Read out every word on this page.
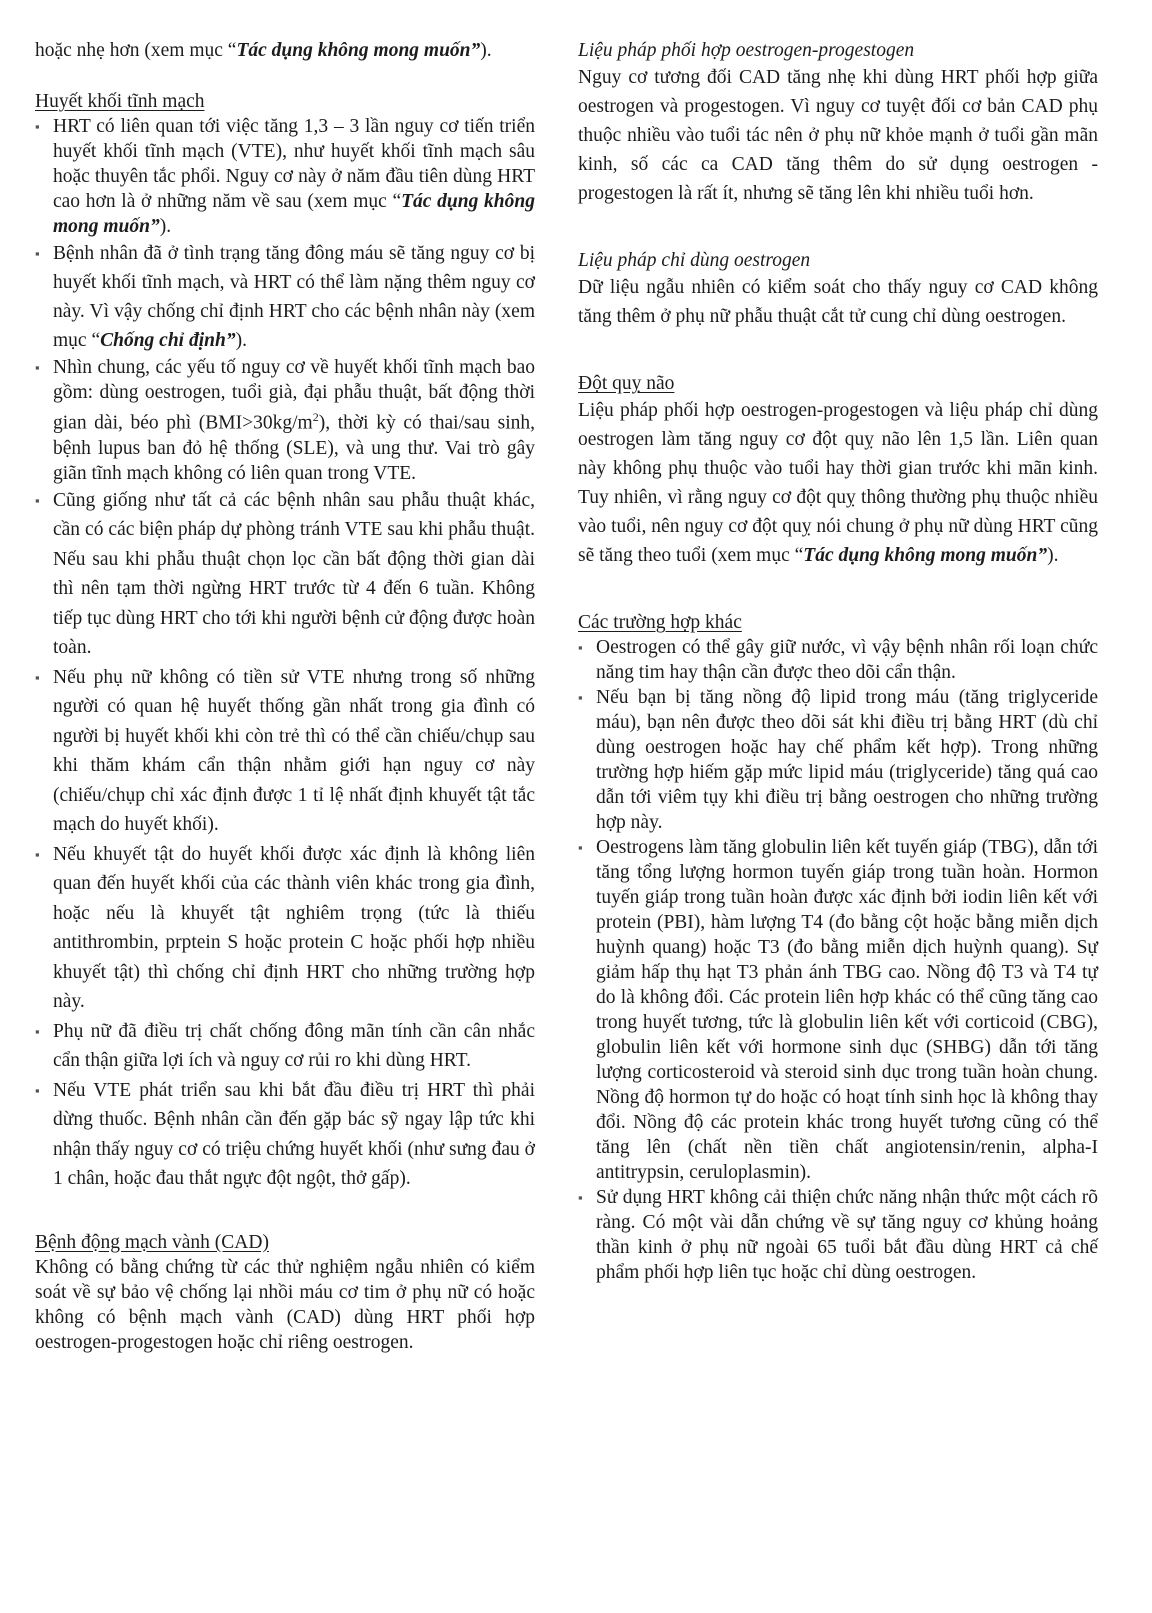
hoặc nhẹ hơn (xem mục “Tác dụng không mong muốn”).

Huyết khối tĩnh mạch

▪ HRT có liên quan tới việc tăng 1,3 – 3 lần nguy cơ tiến triển huyết khối tĩnh mạch (VTE), như huyết khối tĩnh mạch sâu hoặc thuyên tắc phổi. Nguy cơ này ở năm đầu tiên dùng HRT cao hơn là ở những năm về sau (xem mục “Tác dụng không mong muốn”).
▪ Bệnh nhân đã ở tình trạng tăng đông máu sẽ tăng nguy cơ bị huyết khối tĩnh mạch, và HRT có thể làm nặng thêm nguy cơ này. Vì vậy chống chỉ định HRT cho các bệnh nhân này (xem mục “Chống chỉ định”).
▪ Nhìn chung, các yếu tố nguy cơ về huyết khối tĩnh mạch bao gồm: dùng oestrogen, tuổi già, đại phẫu thuật, bất động thời gian dài, béo phì $(BMI>30kg/m^2)$, thời kỳ có thai/sau sinh, bệnh lupus ban đỏ hệ thống (SLE), và ung thư. Vai trò gây giãn tĩnh mạch không có liên quan trong VTE.
▪ Cũng giống như tất cả các bệnh nhân sau phẫu thuật khác, cần có các biện pháp dự phòng tránh VTE sau khi phẫu thuật. Nếu sau khi phẫu thuật chọn lọc cần bất động thời gian dài thì nên tạm thời ngừng HRT trước từ 4 đến 6 tuần. Không tiếp tục dùng HRT cho tới khi người bệnh cử động được hoàn toàn.
▪ Nếu phụ nữ không có tiền sử VTE nhưng trong số những người có quan hệ huyết thống gần nhất trong gia đình có người bị huyết khối khi còn trẻ thì có thể cần chiếu/chụp sau khi thăm khám cẩn thận nhằm giới hạn nguy cơ này (chiếu/chụp chỉ xác định được 1 tỉ lệ nhất định khuyết tật tắc mạch do huyết khối).
▪ Nếu khuyết tật do huyết khối được xác định là không liên quan đến huyết khối của các thành viên khác trong gia đình, hoặc nếu là khuyết tật nghiêm trọng (tức là thiếu antithrombin, prptein S hoặc protein C hoặc phối hợp nhiều khuyết tật) thì chống chỉ định HRT cho những trường hợp này.
▪ Phụ nữ đã điều trị chất chống đông mãn tính cần cân nhắc cẩn thận giữa lợi ích và nguy cơ rủi ro khi dùng HRT.
▪ Nếu VTE phát triển sau khi bắt đầu điều trị HRT thì phải dừng thuốc. Bệnh nhân cần đến gặp bác sỹ ngay lập tức khi nhận thấy nguy cơ có triệu chứng huyết khối (như sưng đau ở 1 chân, hoặc đau thắt ngực đột ngột, thở gấp).

Bệnh động mạch vành (CAD)

Không có bằng chứng từ các thử nghiệm ngẫu nhiên có kiểm soát về sự bảo vệ chống lại nhồi máu cơ tim ở phụ nữ có hoặc không có bệnh mạch vành (CAD) dùng HRT phối hợp oestrogen-progestogen hoặc chỉ riêng oestrogen.

Liệu pháp phối hợp oestrogen-progestogen

Nguy cơ tương đối CAD tăng nhẹ khi dùng HRT phối hợp giữa oestrogen và progestogen. Vì nguy cơ tuyệt đối cơ bản CAD phụ thuộc nhiều vào tuổi tác nên ở phụ nữ khỏe mạnh ở tuổi gần mãn kinh, số các ca CAD tăng thêm do sử dụng oestrogen - progestogen là rất ít, nhưng sẽ tăng lên khi nhiều tuổi hơn.

Liệu pháp chỉ dùng oestrogen

Dữ liệu ngẫu nhiên có kiểm soát cho thấy nguy cơ CAD không tăng thêm ở phụ nữ phẫu thuật cắt tử cung chỉ dùng oestrogen.

Đột quỵ não

Liệu pháp phối hợp oestrogen-progestogen và liệu pháp chỉ dùng oestrogen làm tăng nguy cơ đột quỵ não lên 1,5 lần. Liên quan này không phụ thuộc vào tuổi hay thời gian trước khi mãn kinh. Tuy nhiên, vì rằng nguy cơ đột quỵ thông thường phụ thuộc nhiều vào tuổi, nên nguy cơ đột quỵ nói chung ở phụ nữ dùng HRT cũng sẽ tăng theo tuổi (xem mục “Tác dụng không mong muốn”).

Các trường hợp khác

▪ Oestrogen có thể gây giữ nước, vì vậy bệnh nhân rối loạn chức năng tim hay thận cần được theo dõi cẩn thận.
▪ Nếu bạn bị tăng nồng độ lipid trong máu (tăng triglyceride máu), bạn nên được theo dõi sát khi điều trị bằng HRT (dù chỉ dùng oestrogen hoặc hay chế phẩm kết hợp). Trong những trường hợp hiếm gặp mức lipid máu (triglyceride) tăng quá cao dẫn tới viêm tụy khi điều trị bằng oestrogen cho những trường hợp này.
▪ Oestrogens làm tăng globulin liên kết tuyến giáp (TBG), dẫn tới tăng tổng lượng hormon tuyến giáp trong tuần hoàn. Hormon tuyến giáp trong tuần hoàn được xác định bởi iodin liên kết với protein (PBI), hàm lượng T4 (đo bằng cột hoặc bằng miễn dịch huỳnh quang) hoặc T3 (đo bằng miễn dịch huỳnh quang). Sự giảm hấp thụ hạt T3 phản ánh TBG cao. Nồng độ T3 và T4 tự do là không đổi. Các protein liên hợp khác có thể cũng tăng cao trong huyết tương, tức là globulin liên kết với corticoid (CBG), globulin liên kết với hormone sinh dục (SHBG) dẫn tới tăng lượng corticosteroid và steroid sinh dục trong tuần hoàn chung. Nồng độ hormon tự do hoặc có hoạt tính sinh học là không thay đổi. Nồng độ các protein khác trong huyết tương cũng có thể tăng lên (chất nền tiền chất angiotensin/renin, alpha-I antitrypsin, ceruloplasmin).
▪ Sử dụng HRT không cải thiện chức năng nhận thức một cách rõ ràng. Có một vài dẫn chứng về sự tăng nguy cơ khủng hoảng thần kinh ở phụ nữ ngoài 65 tuổi bắt đầu dùng HRT cả chế phẩm phối hợp liên tục hoặc chỉ dùng oestrogen.
